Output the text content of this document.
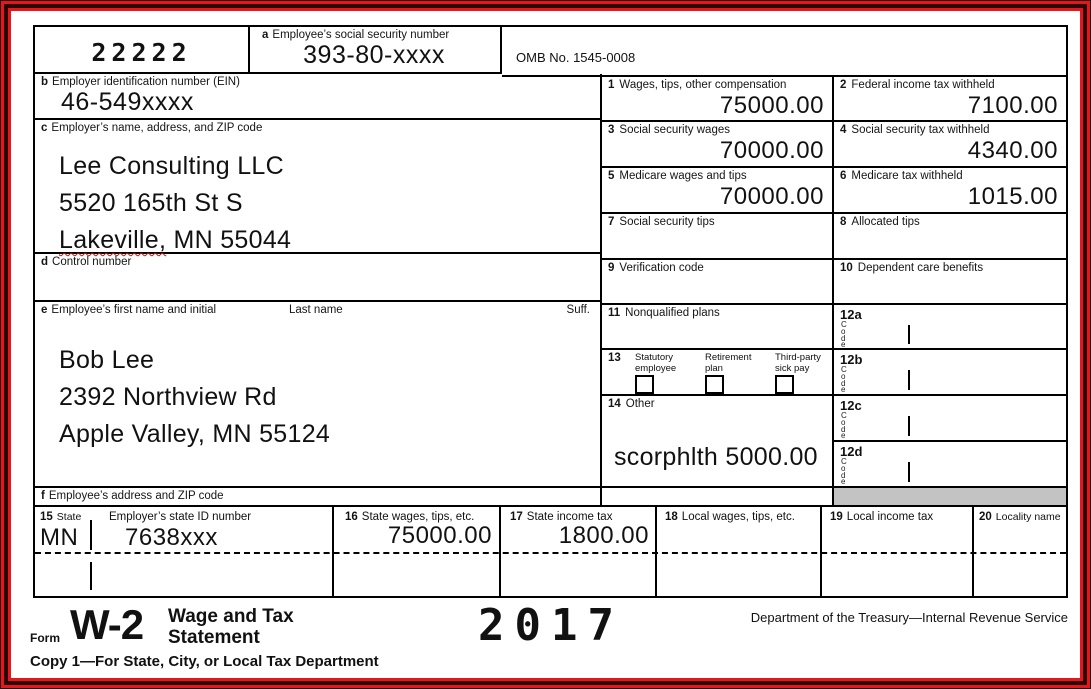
22222
a Employee’s social security number
393-80-xxxx	OMB No. 1545-0008
b Employer identification number (EIN)
46-549xxxx
c Employer’s name, address, and ZIP code
Lee Consulting LLC
5520 165th St S
Lakeville, MN 55044
d Control number
e Employee’s first name and initial	Last name	Suff.
Bob Lee
2392 Northview Rd
Apple Valley, MN 55124
f Employee’s address and ZIP code
1 Wages, tips, other compensation
75000.00
2 Federal income tax withheld
7100.00
3 Social security wages
70000.00
4 Social security tax withheld
4340.00
5 Medicare wages and tips
70000.00
6 Medicare tax withheld
1015.00
7 Social security tips	8 Allocated tips
9 Verification code	10 Dependent care benefits
11 Nonqualified plans
13	Statutory employee
Retirement plan
Third-party sick pay
14 Other
scorphlth 5000.00
12a
Code
12b
Code
12c
Code
12d
Code
15 State Employer’s state ID number	16 State wages, tips, etc.	17 State income tax	18 Local wages, tips, etc.	19 Local income tax	20 Locality name
MN 7638xxx	75000.00	1800.00
Form W-2 Wage and Tax
Statement	2017	Department of the Treasury—Internal Revenue Service
Copy 1—For State, City, or Local Tax Department
